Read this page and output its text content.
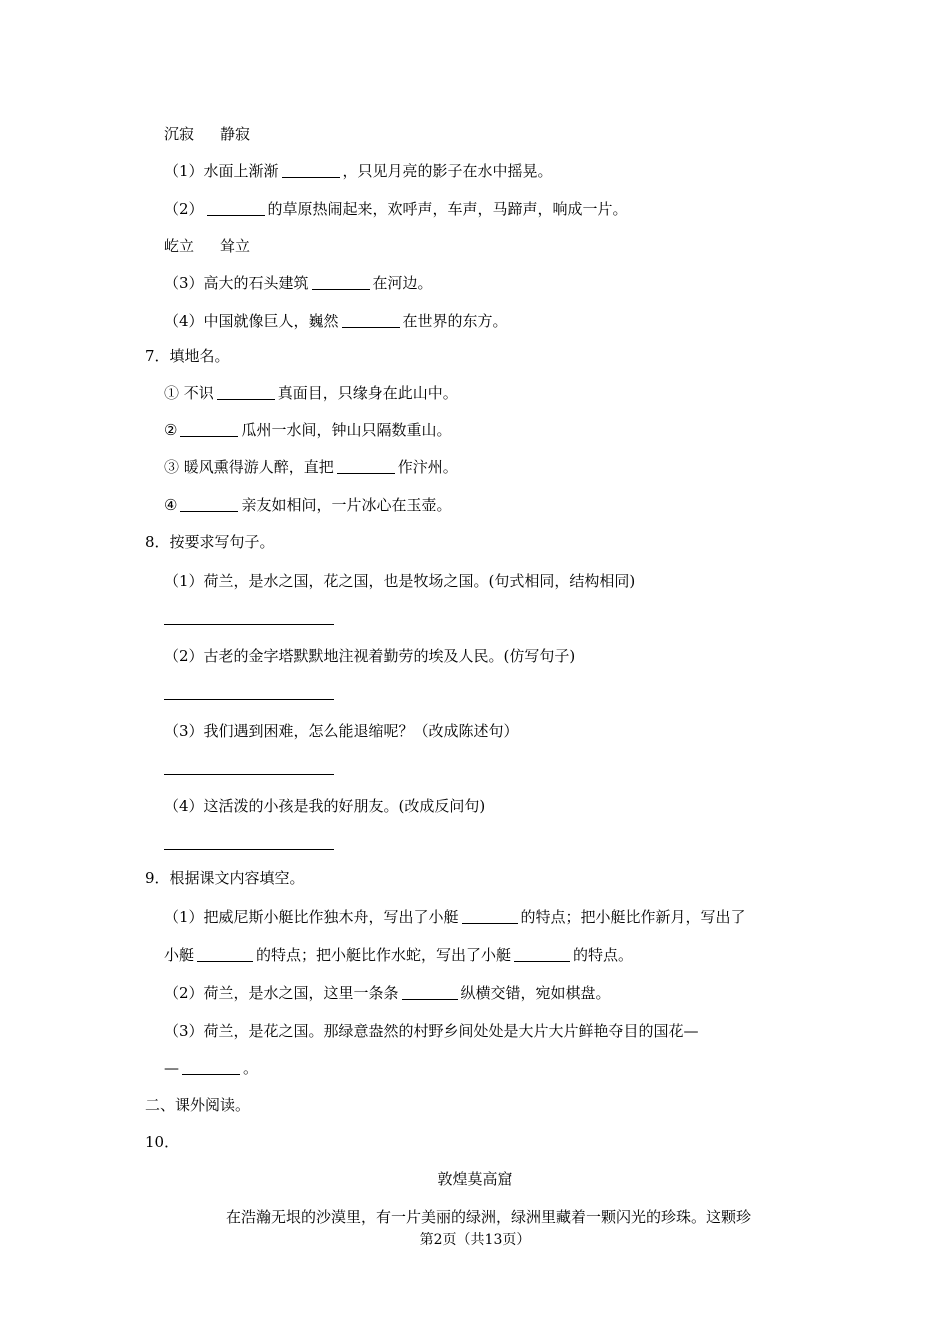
沉寂 静寂
（1）水面上渐渐	，只见月亮的影子在水中摇晃。
（2）	的草原热闹起来，欢呼声，车声，马蹄声，响成一片。
屹立 耸立
（3）高大的石头建筑	在河边。
（4）中国就像巨人，巍然	在世界的东方。
7．填地名。
① 不识	真面目，只缘身在此山中。
②	瓜州一水间，钟山只隔数重山。
③ 暖风熏得游人醉，直把	作汴州。
④	亲友如相问，一片冰心在玉壶。
8．按要求写句子。
（1）荷兰，是水之国，花之国，也是牧场之国。(句式相同，结构相同)
（2）古老的金字塔默默地注视着勤劳的埃及人民。(仿写句子)
（3）我们遇到困难，怎么能退缩呢？（改成陈述句）
（4）这活泼的小孩是我的好朋友。(改成反问句)
9．根据课文内容填空。
（1）把威尼斯小艇比作独木舟，写出了小艇	的特点；把小艇比作新月，写出了
小艇	的特点；把小艇比作水蛇，写出了小艇	的特点。
（2）荷兰，是水之国，这里一条条	纵横交错，宛如棋盘。
（3）荷兰，是花之国。那绿意盎然的村野乡间处处是大片大片鲜艳夺目的国花—
—	。
二、课外阅读。
10．
敦煌莫高窟
在浩瀚无垠的沙漠里，有一片美丽的绿洲，绿洲里藏着一颗闪光的珍珠。这颗珍
第2页（共13页）
